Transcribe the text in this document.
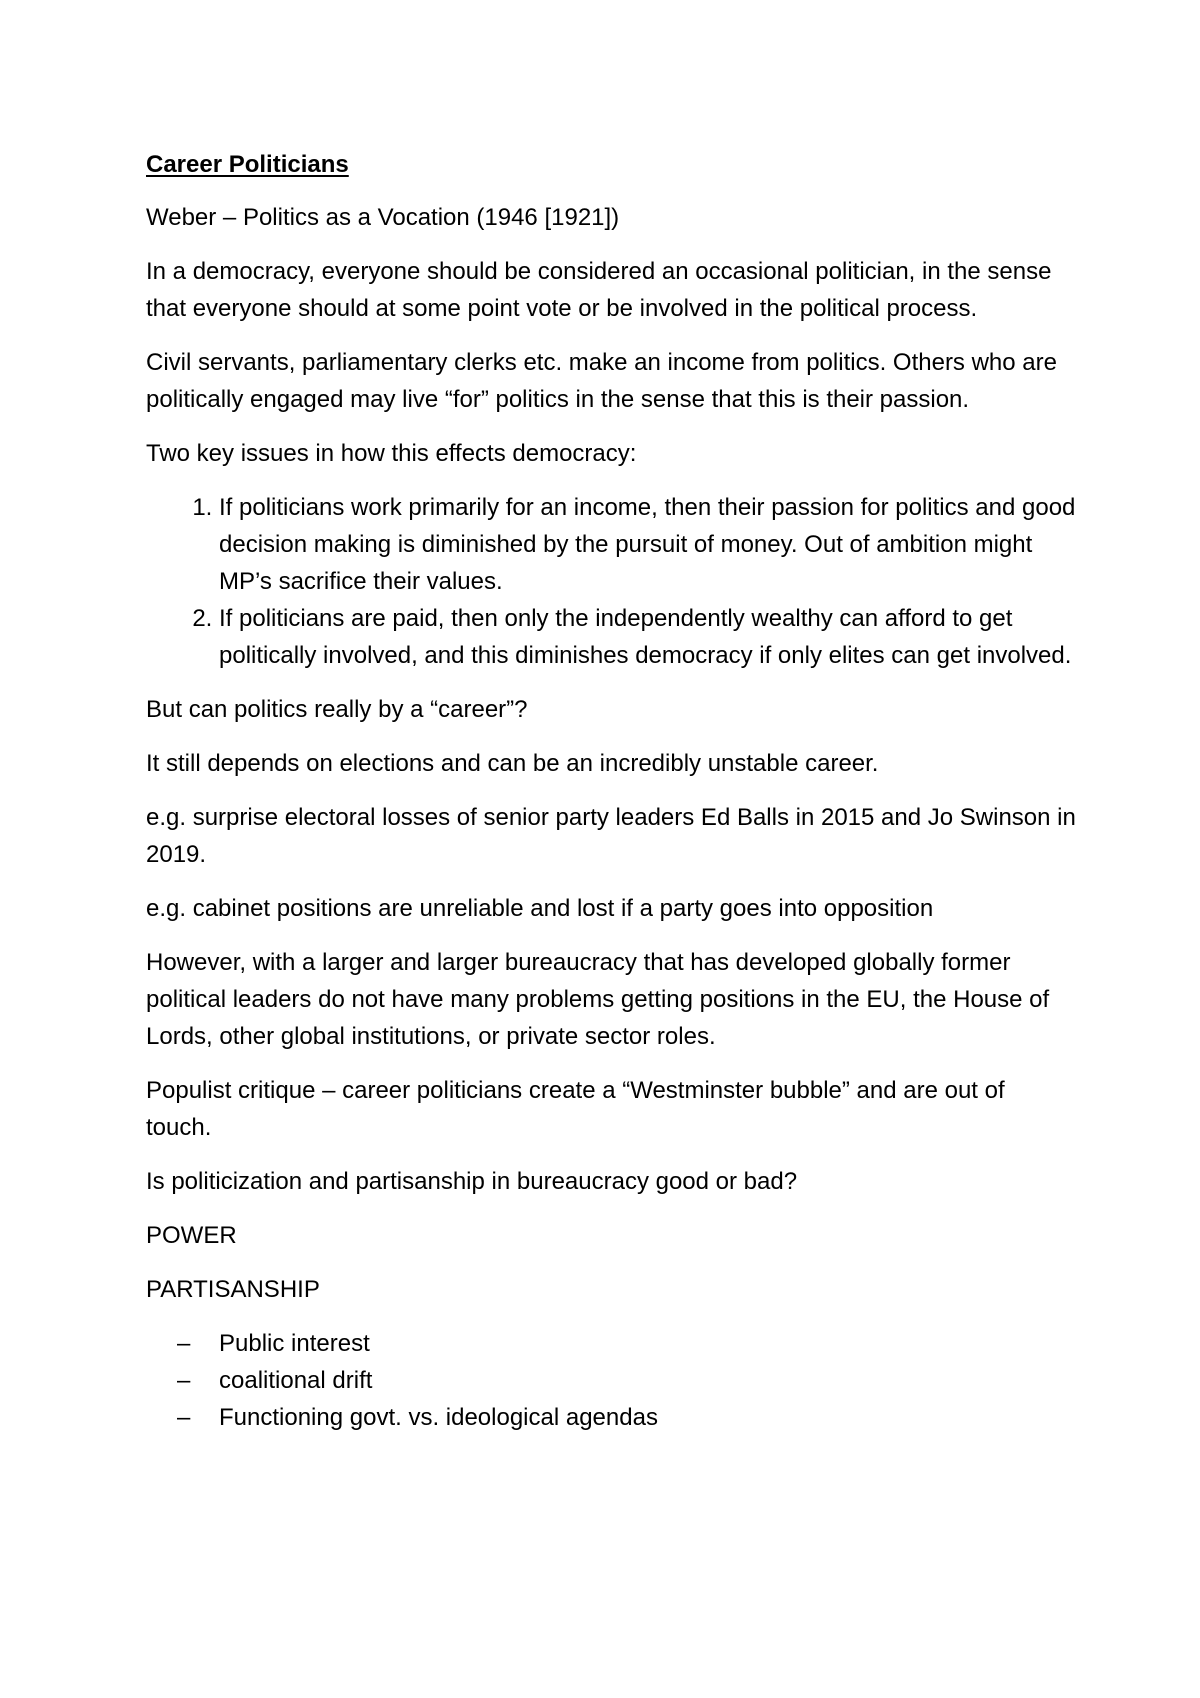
Career Politicians

Weber – Politics as a Vocation (1946 [1921])

In a democracy, everyone should be considered an occasional politician, in the sense that everyone should at some point vote or be involved in the political process.

Civil servants, parliamentary clerks etc. make an income from politics. Others who are politically engaged may live “for” politics in the sense that this is their passion.

Two key issues in how this effects democracy:

1. If politicians work primarily for an income, then their passion for politics and good decision making is diminished by the pursuit of money. Out of ambition might MP’s sacrifice their values.
2. If politicians are paid, then only the independently wealthy can afford to get politically involved, and this diminishes democracy if only elites can get involved.

But can politics really by a “career”?

It still depends on elections and can be an incredibly unstable career.

e.g. surprise electoral losses of senior party leaders Ed Balls in 2015 and Jo Swinson in 2019.

e.g. cabinet positions are unreliable and lost if a party goes into opposition

However, with a larger and larger bureaucracy that has developed globally former political leaders do not have many problems getting positions in the EU, the House of Lords, other global institutions, or private sector roles.

Populist critique – career politicians create a “Westminster bubble” and are out of touch.

Is politicization and partisanship in bureaucracy good or bad?

POWER

PARTISANSHIP

– Public interest
– coalitional drift
– Functioning govt. vs. ideological agendas
